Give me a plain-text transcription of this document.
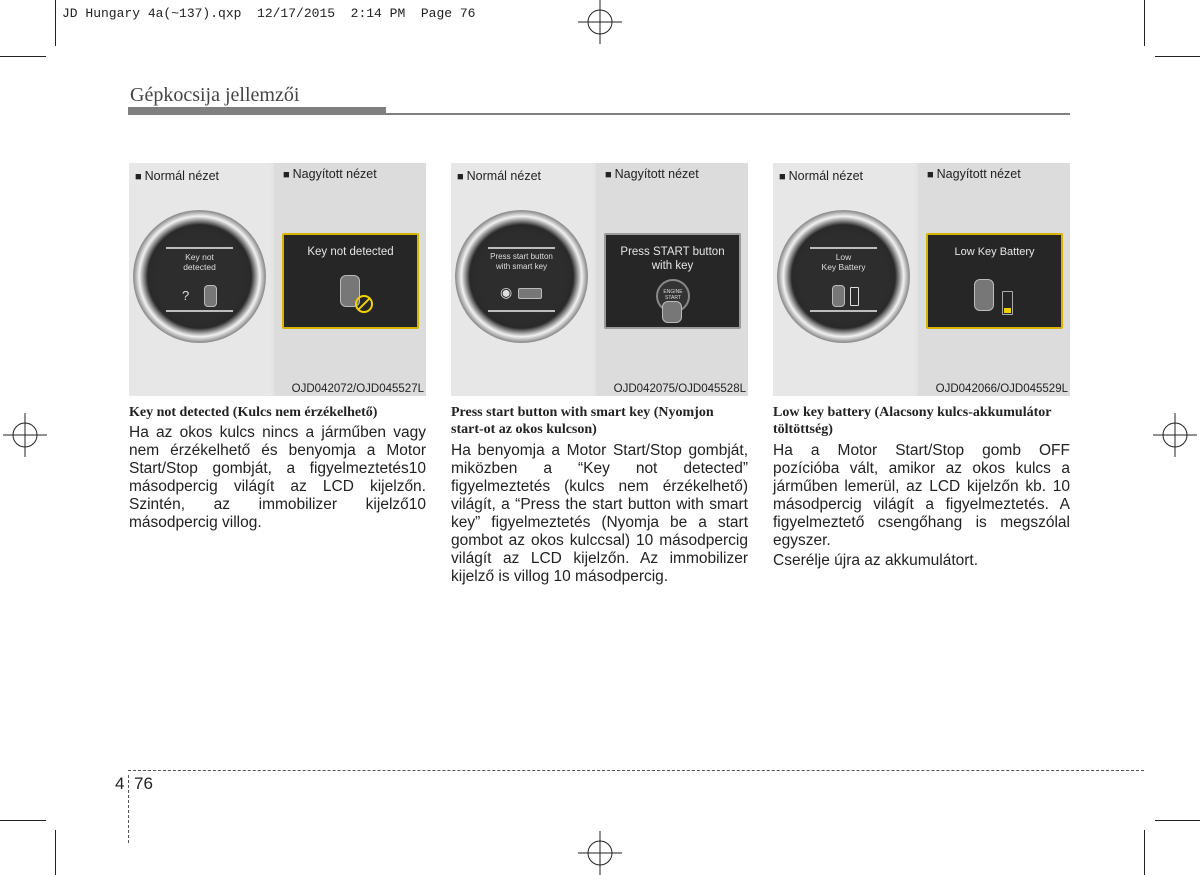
JD Hungary 4a(~137).qxp  12/17/2015  2:14 PM  Page 76
Gépkocsija jellemzői
■ Normál nézet
Key not
detected
?
■ Nagyított nézet
Key not detected
OJD042072/OJD045527L
Key not detected (Kulcs nem érzékelhető)
Ha az okos kulcs nincs a járműben vagy nem érzékelhető és benyomja a Motor Start/Stop gombját, a figyelmeztetés10 másodpercig világít az LCD kijelzőn. Szintén, az immobilizer kijelző10 másodpercig villog.
■ Normál nézet
Press start button
with smart key
◉
■ Nagyított nézet
Press START button
with key
ENGINE START
OJD042075/OJD045528L
Press start button with smart key (Nyomjon start-ot az okos kulcson)
Ha benyomja a Motor Start/Stop gombját, miközben a “Key not detected” figyelmeztetés (kulcs nem érzékelhető) világít, a “Press the start button with smart key” figyelmeztetés (Nyomja be a start gombot az okos kulccsal) 10 másodpercig világít az LCD kijelzőn. Az immobilizer kijelző is villog 10 másodpercig.
■ Normál nézet
Low
Key Battery
■ Nagyított nézet
Low Key Battery
OJD042066/OJD045529L
Low key battery (Alacsony kulcs-akkumulátor töltöttség)
Ha a Motor Start/Stop gomb OFF pozícióba vált, amikor az okos kulcs a járműben lemerül, az LCD kijelzőn kb. 10 másodpercig világít a figyelmeztetés. A figyelmeztető csengőhang is megszólal egyszer.
Cserélje újra az akkumulátort.
4 76
